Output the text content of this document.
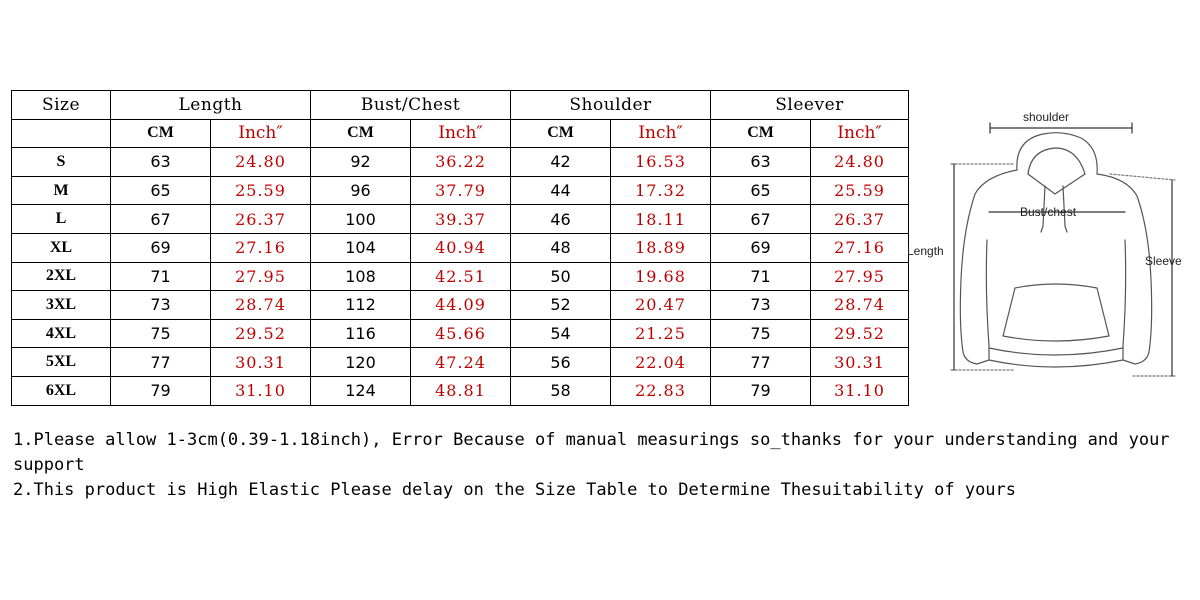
Size	Length		Bust/Chest		Shoulder		Sleever	
	CM	Inch″	CM	Inch″	CM	Inch″	CM	Inch″
S	63	24.80	92	36.22	42	16.53	63	24.80
M	65	25.59	96	37.79	44	17.32	65	25.59
L	67	26.37	100	39.37	46	18.11	67	26.37
XL	69	27.16	104	40.94	48	18.89	69	27.16
2XL	71	27.95	108	42.51	50	19.68	71	27.95
3XL	73	28.74	112	44.09	52	20.47	73	28.74
4XL	75	29.52	116	45.66	54	21.25	75	29.52
5XL	77	30.31	120	47.24	56	22.04	77	30.31
6XL	79	31.10	124	48.81	58	22.83	79	31.10
shoulder
Bust/chest
Length
Sleeve

1.Please allow 1-3cm(0.39-1.18inch), Error Because of manual measurings so_thanks for your understanding and your support

2.This product is High Elastic Please delay on the Size Table to Determine Thesuitability of yours
